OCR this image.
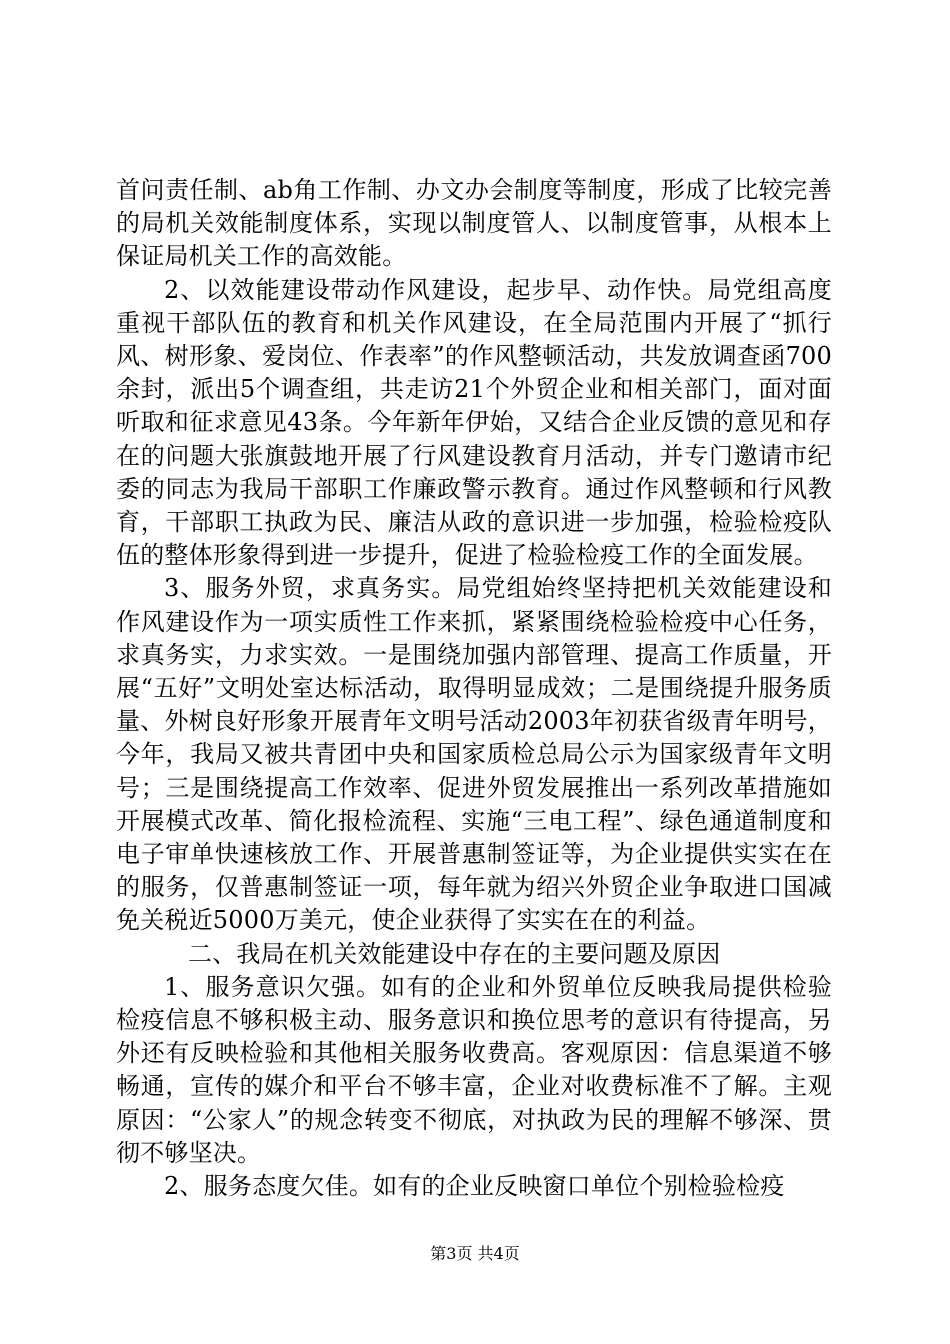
首问责任制、ab角工作制、办文办会制度等制度，形成了比较完善的局机关效能制度体系，实现以制度管人、以制度管事，从根本上保证局机关工作的高效能。

2、以效能建设带动作风建设，起步早、动作快。局党组高度重视干部队伍的教育和机关作风建设，在全局范围内开展了“抓行风、树形象、爱岗位、作表率”的作风整顿活动，共发放调查函700余封，派出5个调查组，共走访21个外贸企业和相关部门，面对面听取和征求意见43条。今年新年伊始，又结合企业反馈的意见和存在的问题大张旗鼓地开展了行风建设教育月活动，并专门邀请市纪委的同志为我局干部职工作廉政警示教育。通过作风整顿和行风教育，干部职工执政为民、廉洁从政的意识进一步加强，检验检疫队伍的整体形象得到进一步提升，促进了检验检疫工作的全面发展。

3、服务外贸，求真务实。局党组始终坚持把机关效能建设和作风建设作为一项实质性工作来抓，紧紧围绕检验检疫中心任务，求真务实，力求实效。一是围绕加强内部管理、提高工作质量，开展“五好”文明处室达标活动，取得明显成效；二是围绕提升服务质量、外树良好形象开展青年文明号活动2003年初获省级青年明号，今年，我局又被共青团中央和国家质检总局公示为国家级青年文明号；三是围绕提高工作效率、促进外贸发展推出一系列改革措施如开展模式改革、简化报检流程、实施“三电工程”、绿色通道制度和电子审单快速核放工作、开展普惠制签证等，为企业提供实实在在的服务，仅普惠制签证一项，每年就为绍兴外贸企业争取进口国减免关税近5000万美元，使企业获得了实实在在的利益。

二、我局在机关效能建设中存在的主要问题及原因

1、服务意识欠强。如有的企业和外贸单位反映我局提供检验检疫信息不够积极主动、服务意识和换位思考的意识有待提高，另外还有反映检验和其他相关服务收费高。客观原因：信息渠道不够畅通，宣传的媒介和平台不够丰富，企业对收费标准不了解。主观原因：“公家人”的规念转变不彻底，对执政为民的理解不够深、贯彻不够坚决。

2、服务态度欠佳。如有的企业反映窗口单位个别检验检疫

第3页 共4页
